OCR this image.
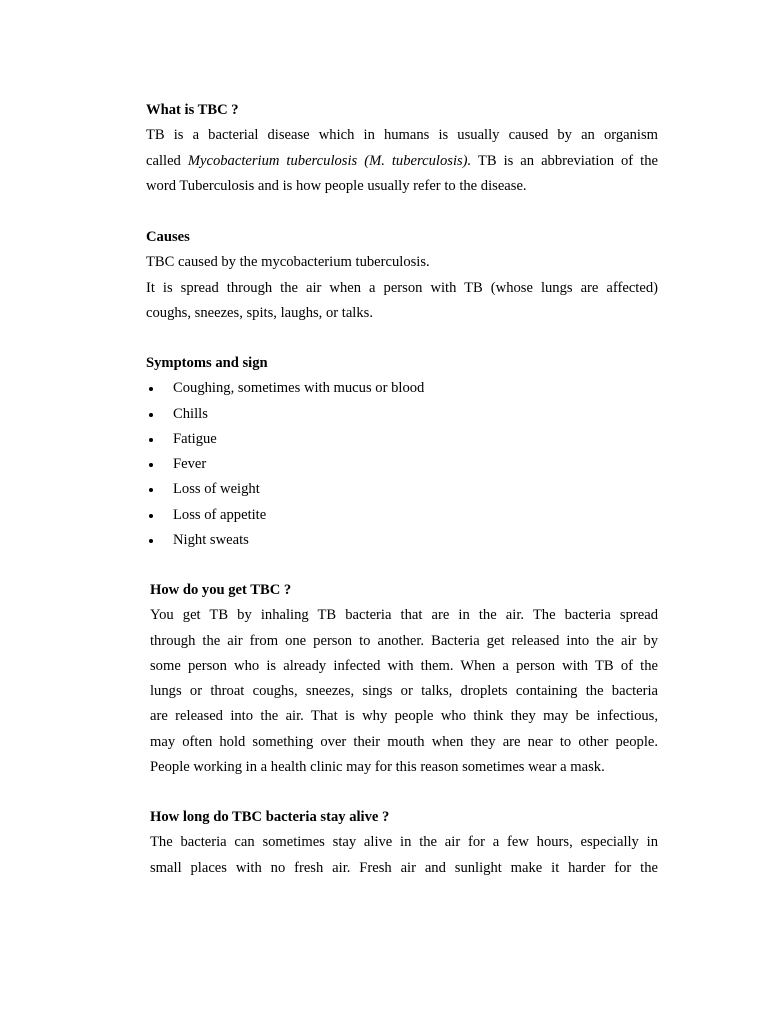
What is TBC ?

TB is a bacterial disease which in humans is usually caused by an organism
called Mycobacterium tuberculosis (M. tuberculosis). TB is an abbreviation of the
word Tuberculosis and is how people usually refer to the disease.

Causes

TBC caused by the mycobacterium tuberculosis.
It is spread through the air when a person with TB (whose lungs are affected)
coughs, sneezes, spits, laughs, or talks.

Symptoms and sign

Coughing, sometimes with mucus or blood
Chills
Fatigue
Fever
Loss of weight
Loss of appetite
Night sweats

How do you get TBC ?

You get TB by inhaling TB bacteria that are in the air. The bacteria spread
through the air from one person to another. Bacteria get released into the air by
some person who is already infected with them. When a person with TB of the
lungs or throat coughs, sneezes, sings or talks, droplets containing the bacteria
are released into the air. That is why people who think they may be infectious,
may often hold something over their mouth when they are near to other people.
People working in a health clinic may for this reason sometimes wear a mask.

How long do TBC bacteria stay alive ?

The bacteria can sometimes stay alive in the air for a few hours, especially in
small places with no fresh air. Fresh air and sunlight make it harder for the
